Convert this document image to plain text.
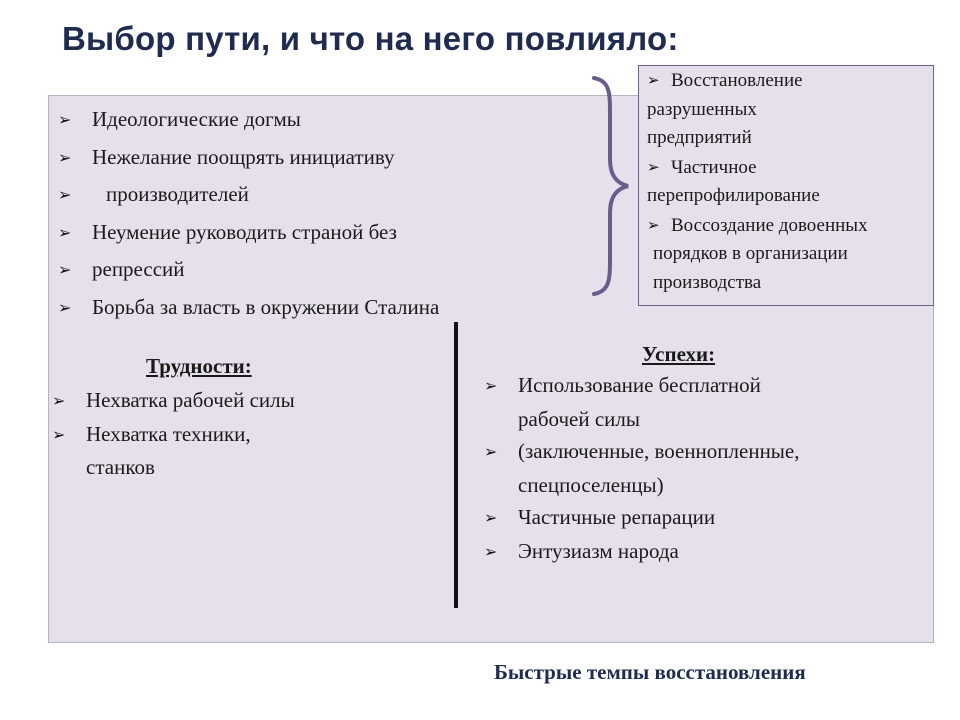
Выбор пути, и что на него повлияло:
➢ Идеологические догмы
➢ Нежелание поощрять инициативу
➢ производителей
➢ Неумение руководить страной без
➢ репрессий
➢ Борьба за власть в окружении Сталина

➢ Восстановление

разрушенных

предприятий

➢ Частичное

перепрофилирование

➢ Воссоздание довоенных

порядков в организации

производства

Трудности:
➢ Нехватка рабочей силы
➢ Нехватка техники,
станков
Успехи:
➢ Использование бесплатной
рабочей силы
➢ (заключенные, военнопленные,
спецпоселенцы)
➢ Частичные репарации
➢ Энтузиазм народа
Быстрые темпы восстановления
